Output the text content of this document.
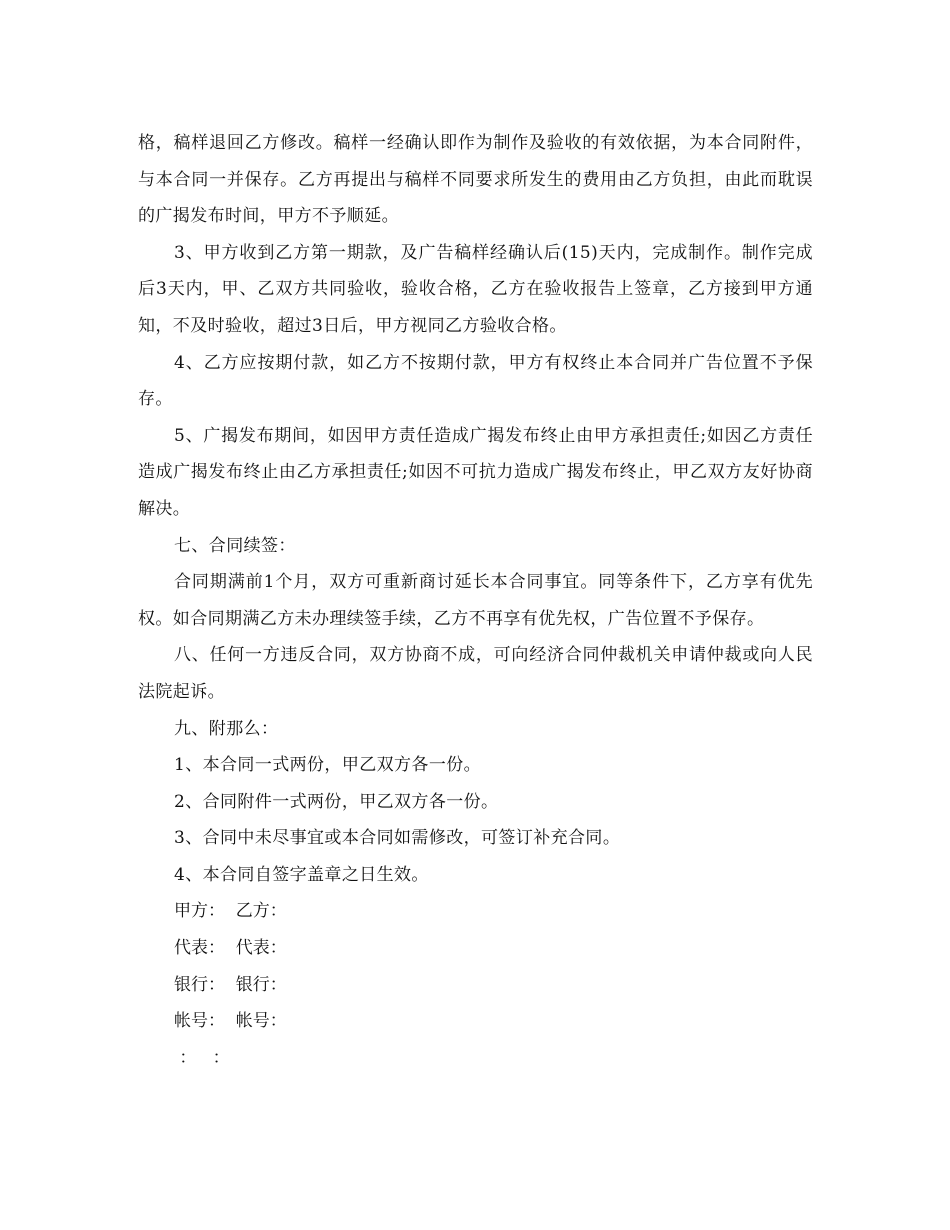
格，稿样退回乙方修改。稿样一经确认即作为制作及验收的有效依据，为本合同附件，与本合同一并保存。乙方再提出与稿样不同要求所发生的费用由乙方负担，由此而耽误的广揭发布时间，甲方不予顺延。

3、甲方收到乙方第一期款，及广告稿样经确认后(15)天内，完成制作。制作完成后3天内，甲、乙双方共同验收，验收合格，乙方在验收报告上签章，乙方接到甲方通知，不及时验收，超过3日后，甲方视同乙方验收合格。

4、乙方应按期付款，如乙方不按期付款，甲方有权终止本合同并广告位置不予保存。

5、广揭发布期间，如因甲方责任造成广揭发布终止由甲方承担责任;如因乙方责任造成广揭发布终止由乙方承担责任;如因不可抗力造成广揭发布终止，甲乙双方友好协商解决。

七、合同续签：

合同期满前1个月，双方可重新商讨延长本合同事宜。同等条件下，乙方享有优先权。如合同期满乙方未办理续签手续，乙方不再享有优先权，广告位置不予保存。

八、任何一方违反合同，双方协商不成，可向经济合同仲裁机关申请仲裁或向人民法院起诉。

九、附那么：

1、本合同一式两份，甲乙双方各一份。

2、合同附件一式两份，甲乙双方各一份。

3、合同中未尽事宜或本合同如需修改，可签订补充合同。

4、本合同自签字盖章之日生效。

甲方：  乙方：

代表：  代表：

银行：  银行：

帐号：  帐号：

：   ：
